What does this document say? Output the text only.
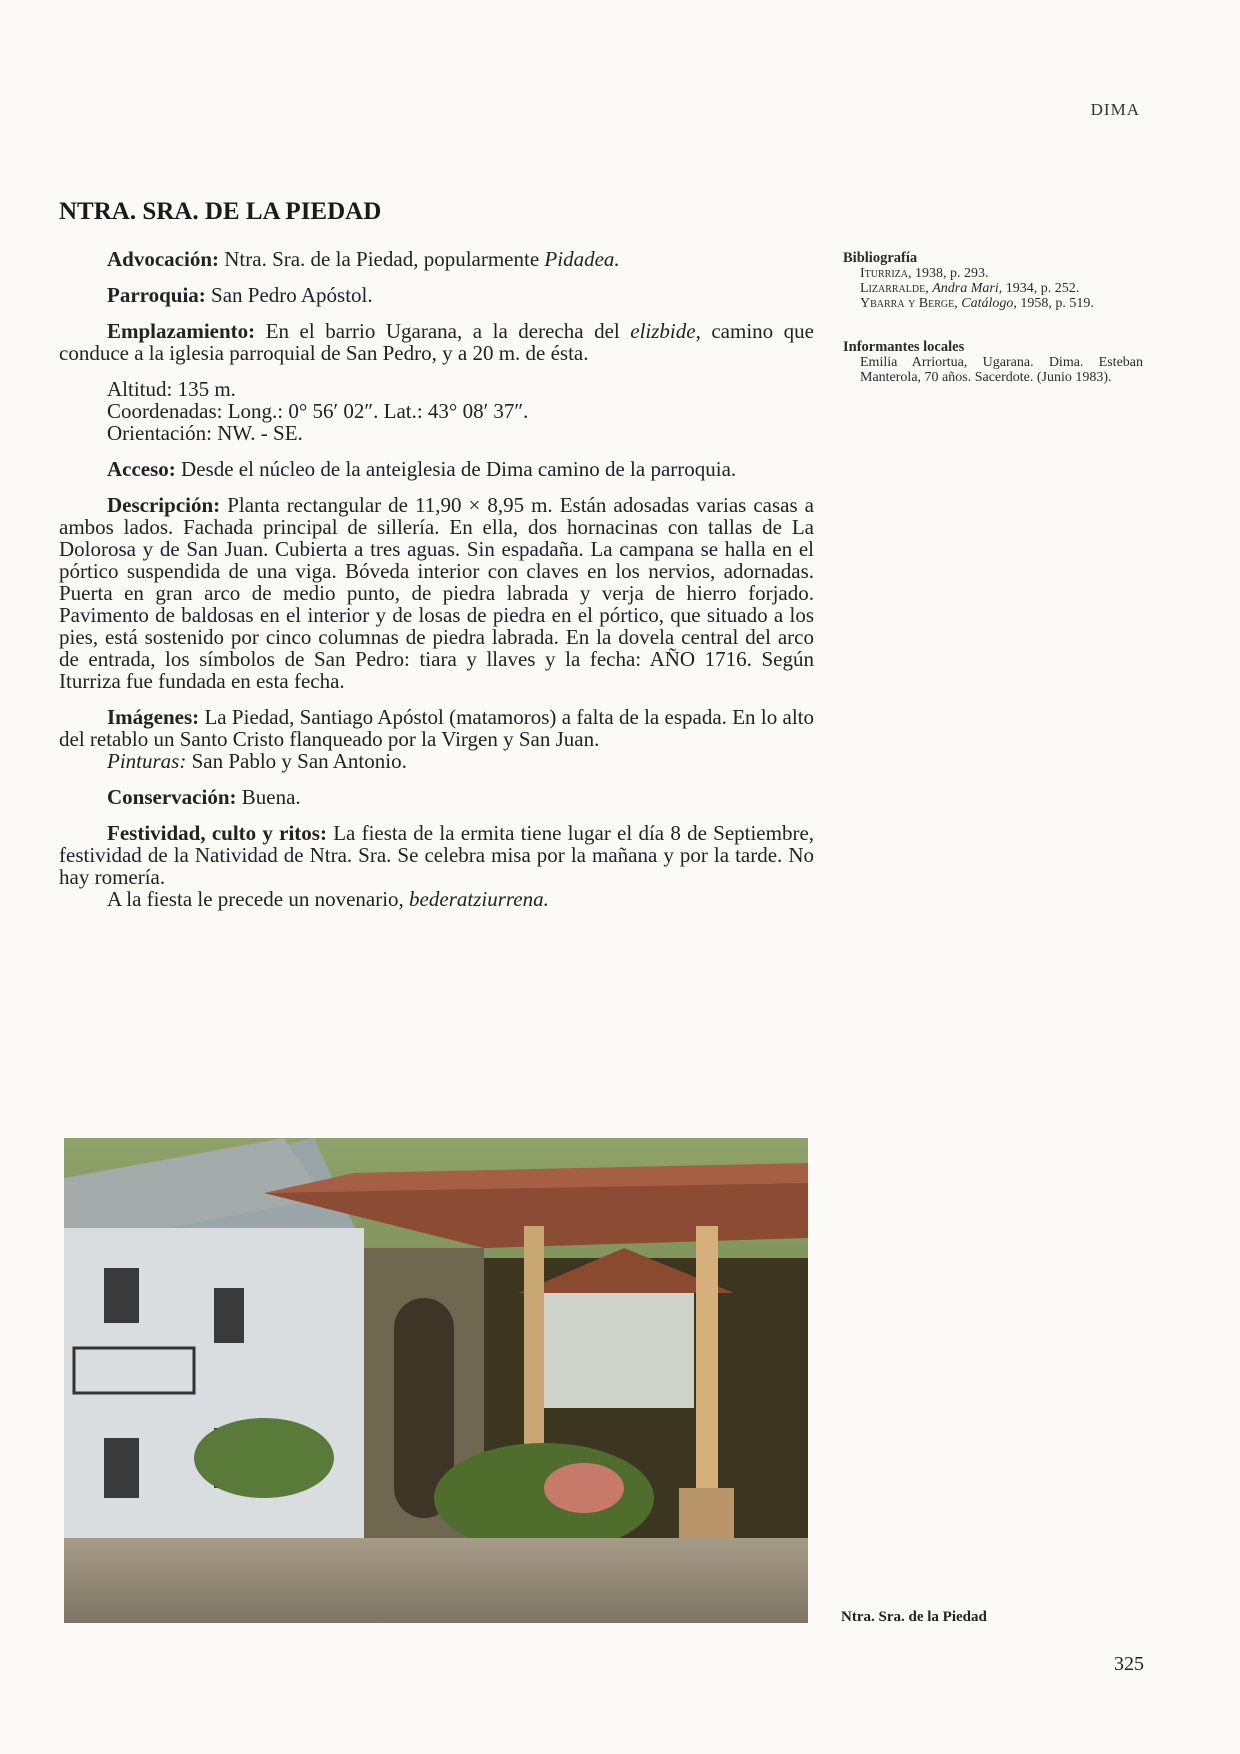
DIMA
NTRA. SRA. DE LA PIEDAD

Advocación: Ntra. Sra. de la Piedad, popularmente Pidadea.

Parroquia: San Pedro Apóstol.

Emplazamiento: En el barrio Ugarana, a la derecha del elizbide, camino que conduce a la iglesia parroquial de San Pedro, y a 20 m. de ésta.

Altitud: 135 m.

Coordenadas: Long.: 0° 56′ 02″. Lat.: 43° 08′ 37″.

Orientación: NW. - SE.

Acceso: Desde el núcleo de la anteiglesia de Dima camino de la parroquia.

Descripción: Planta rectangular de 11,90 × 8,95 m. Están adosadas varias casas a ambos lados. Fachada principal de sillería. En ella, dos hornacinas con tallas de La Dolorosa y de San Juan. Cubierta a tres aguas. Sin espadaña. La campana se halla en el pórtico suspendida de una viga. Bóveda interior con claves en los nervios, adornadas. Puerta en gran arco de medio punto, de piedra labrada y verja de hierro forjado. Pavimento de baldosas en el interior y de losas de piedra en el pórtico, que situado a los pies, está sostenido por cinco columnas de piedra labrada. En la dovela central del arco de entrada, los símbolos de San Pedro: tiara y llaves y la fecha: AÑO 1716. Según Iturriza fue fundada en esta fecha.

Imágenes: La Piedad, Santiago Apóstol (matamoros) a falta de la espada. En lo alto del retablo un Santo Cristo flanqueado por la Virgen y San Juan.

Pinturas: San Pablo y San Antonio.

Conservación: Buena.

Festividad, culto y ritos: La fiesta de la ermita tiene lugar el día 8 de Septiembre, festividad de la Natividad de Ntra. Sra. Se celebra misa por la mañana y por la tarde. No hay romería.

A la fiesta le precede un novenario, bederatziurrena.

Bibliografía
Iturriza, 1938, p. 293.
Lizarralde, Andra Mari, 1934, p. 252.
Ybarra y Berge, Catálogo, 1958, p. 519.
Informantes locales
Emilia Arriortua, Ugarana. Dima. Esteban Manterola, 70 años. Sacerdote. (Junio 1983).
Ntra. Sra. de la Piedad
325
